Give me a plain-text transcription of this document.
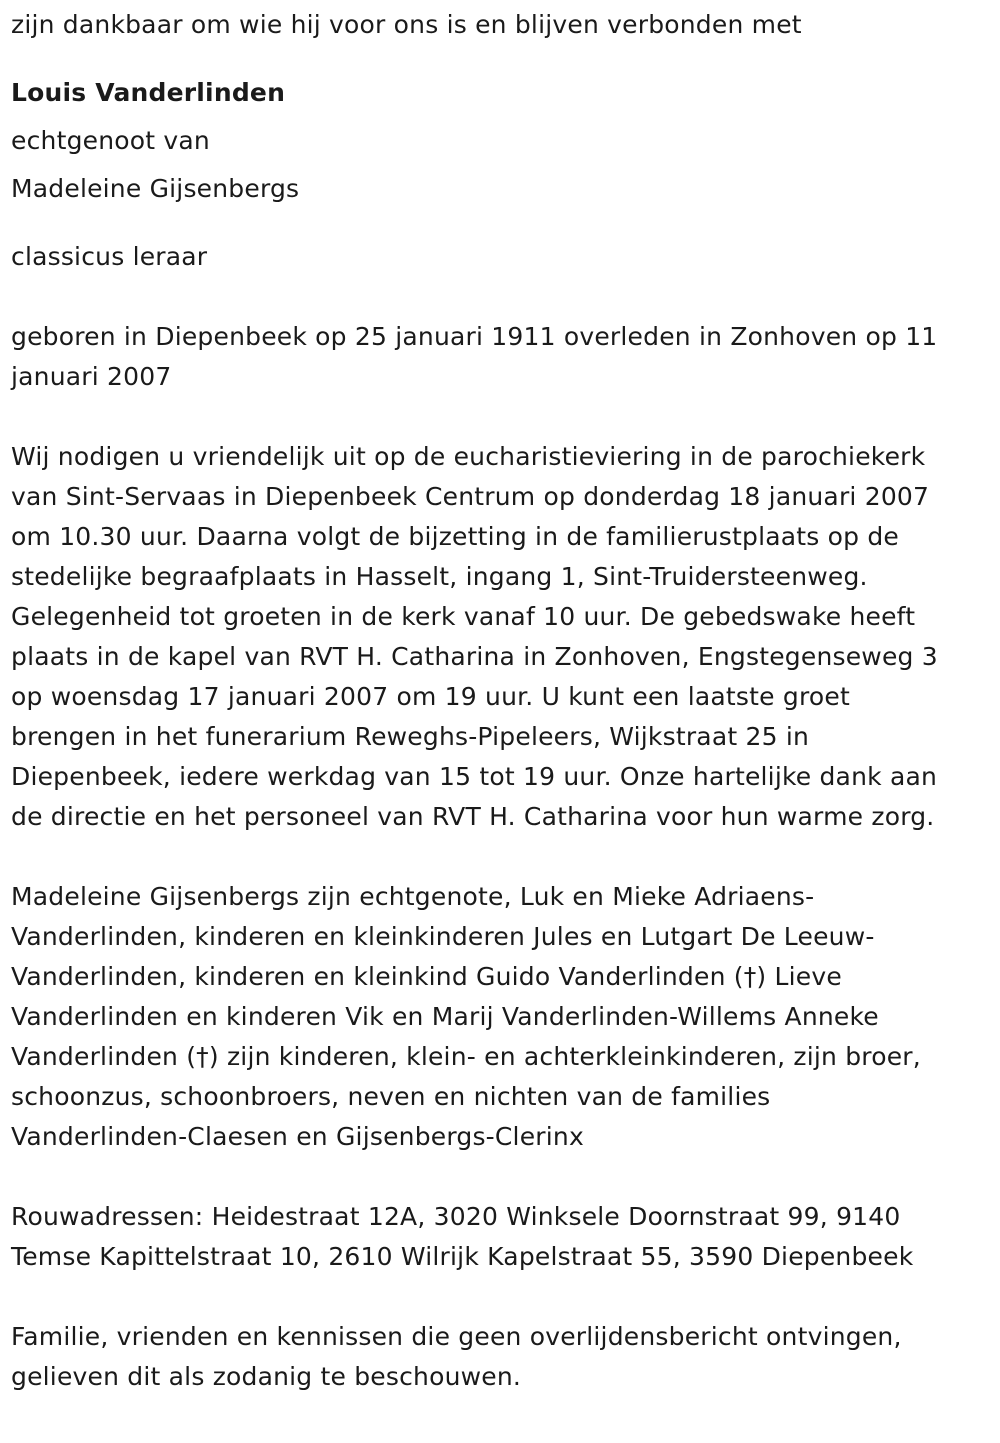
zijn dankbaar om wie hij voor ons is en blijven verbonden met
Louis Vanderlinden
echtgenoot van
Madeleine Gijsenbergs
classicus leraar
geboren in Diepenbeek op 25 januari 1911 overleden in Zonhoven op 11
januari 2007
Wij nodigen u vriendelijk uit op de eucharistieviering in de parochiekerk
van Sint-Servaas in Diepenbeek Centrum op donderdag 18 januari 2007
om 10.30 uur. Daarna volgt de bijzetting in de familierustplaats op de
stedelijke begraafplaats in Hasselt, ingang 1, Sint-Truidersteenweg.
Gelegenheid tot groeten in de kerk vanaf 10 uur. De gebedswake heeft
plaats in de kapel van RVT H. Catharina in Zonhoven, Engstegenseweg 3
op woensdag 17 januari 2007 om 19 uur. U kunt een laatste groet
brengen in het funerarium Reweghs-Pipeleers, Wijkstraat 25 in
Diepenbeek, iedere werkdag van 15 tot 19 uur. Onze hartelijke dank aan
de directie en het personeel van RVT H. Catharina voor hun warme zorg.
Madeleine Gijsenbergs zijn echtgenote, Luk en Mieke Adriaens-
Vanderlinden, kinderen en kleinkinderen Jules en Lutgart De Leeuw-
Vanderlinden, kinderen en kleinkind Guido Vanderlinden (†) Lieve
Vanderlinden en kinderen Vik en Marij Vanderlinden-Willems Anneke
Vanderlinden (†) zijn kinderen, klein- en achterkleinkinderen, zijn broer,
schoonzus, schoonbroers, neven en nichten van de families
Vanderlinden-Claesen en Gijsenbergs-Clerinx
Rouwadressen: Heidestraat 12A, 3020 Winksele Doornstraat 99, 9140
Temse Kapittelstraat 10, 2610 Wilrijk Kapelstraat 55, 3590 Diepenbeek
Familie, vrienden en kennissen die geen overlijdensbericht ontvingen,
gelieven dit als zodanig te beschouwen.
